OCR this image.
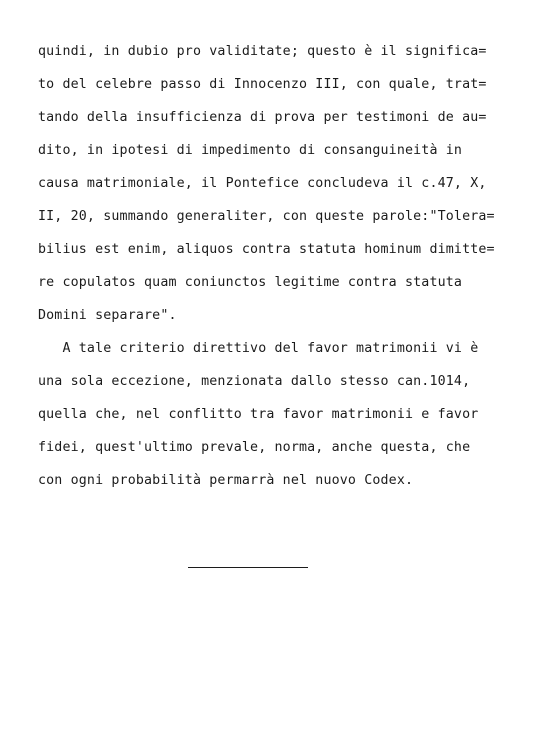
quindi, in dubio pro validitate; questo è il significa=
to del celebre passo di Innocenzo III, con quale, trat=
tando della insufficienza di prova per testimoni de au=
dito, in ipotesi di impedimento di consanguineità in
causa matrimoniale, il Pontefice concludeva il c.47, X,
II, 20, summando generaliter, con queste parole:"Tolera=
bilius est enim, aliquos contra statuta hominum dimitte=
re copulatos quam coniunctos legitime contra statuta
Domini separare".
A tale criterio direttivo del favor matrimonii vi è
una sola eccezione, menzionata dallo stesso can.1014,
quella che, nel conflitto tra favor matrimonii e favor
fidei, quest'ultimo prevale, norma, anche questa, che
con ogni probabilità permarrà nel nuovo Codex.
